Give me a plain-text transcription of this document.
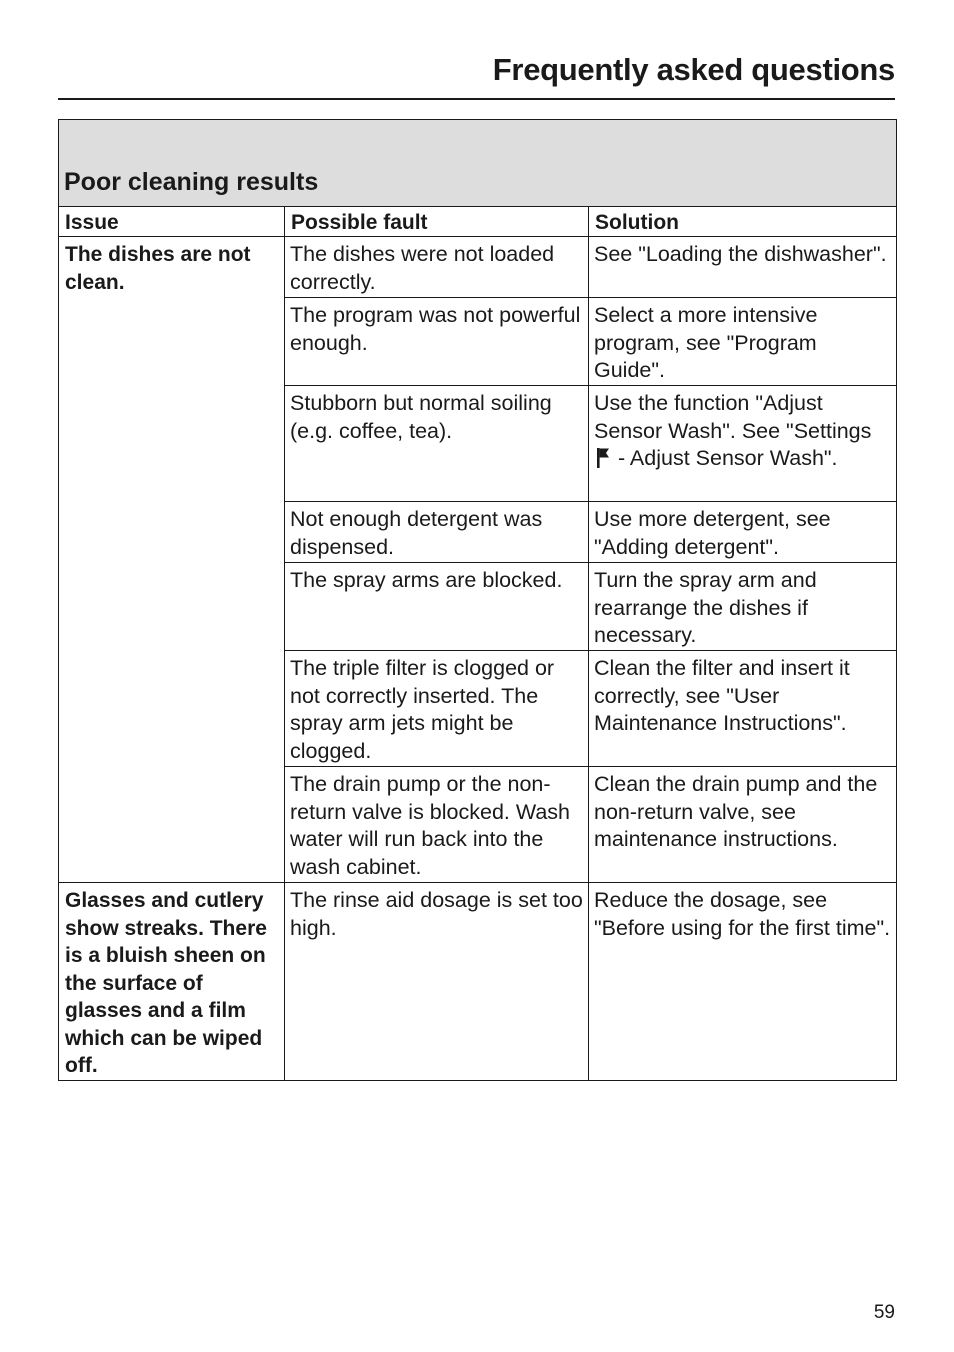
Frequently asked questions
Poor cleaning results		
Issue	Possible fault	Solution
The dishes are not clean.	The dishes were not loaded correctly.	See "Loading the dishwasher".
	The program was not powerful enough.	Select a more intensive program, see "Program Guide".
	Stubborn but normal soiling (e.g. coffee, tea).	Use the function "Adjust Sensor Wash". See "Settings  - Adjust Sensor Wash".
	Not enough detergent was dispensed.	Use more detergent, see "Adding detergent".
	The spray arms are blocked.	Turn the spray arm and rearrange the dishes if necessary.
	The triple filter is clogged or not correctly inserted. The spray arm jets might be clogged.	Clean the filter and insert it correctly, see "User Maintenance Instructions".
	The drain pump or the non-return valve is blocked. Wash water will run back into the wash cabinet.	Clean the drain pump and the non-return valve, see maintenance instructions.
Glasses and cutlery show streaks. There is a bluish sheen on the surface of glasses and a film which can be wiped off.	The rinse aid dosage is set too high.	Reduce the dosage, see "Before using for the first time".

59
